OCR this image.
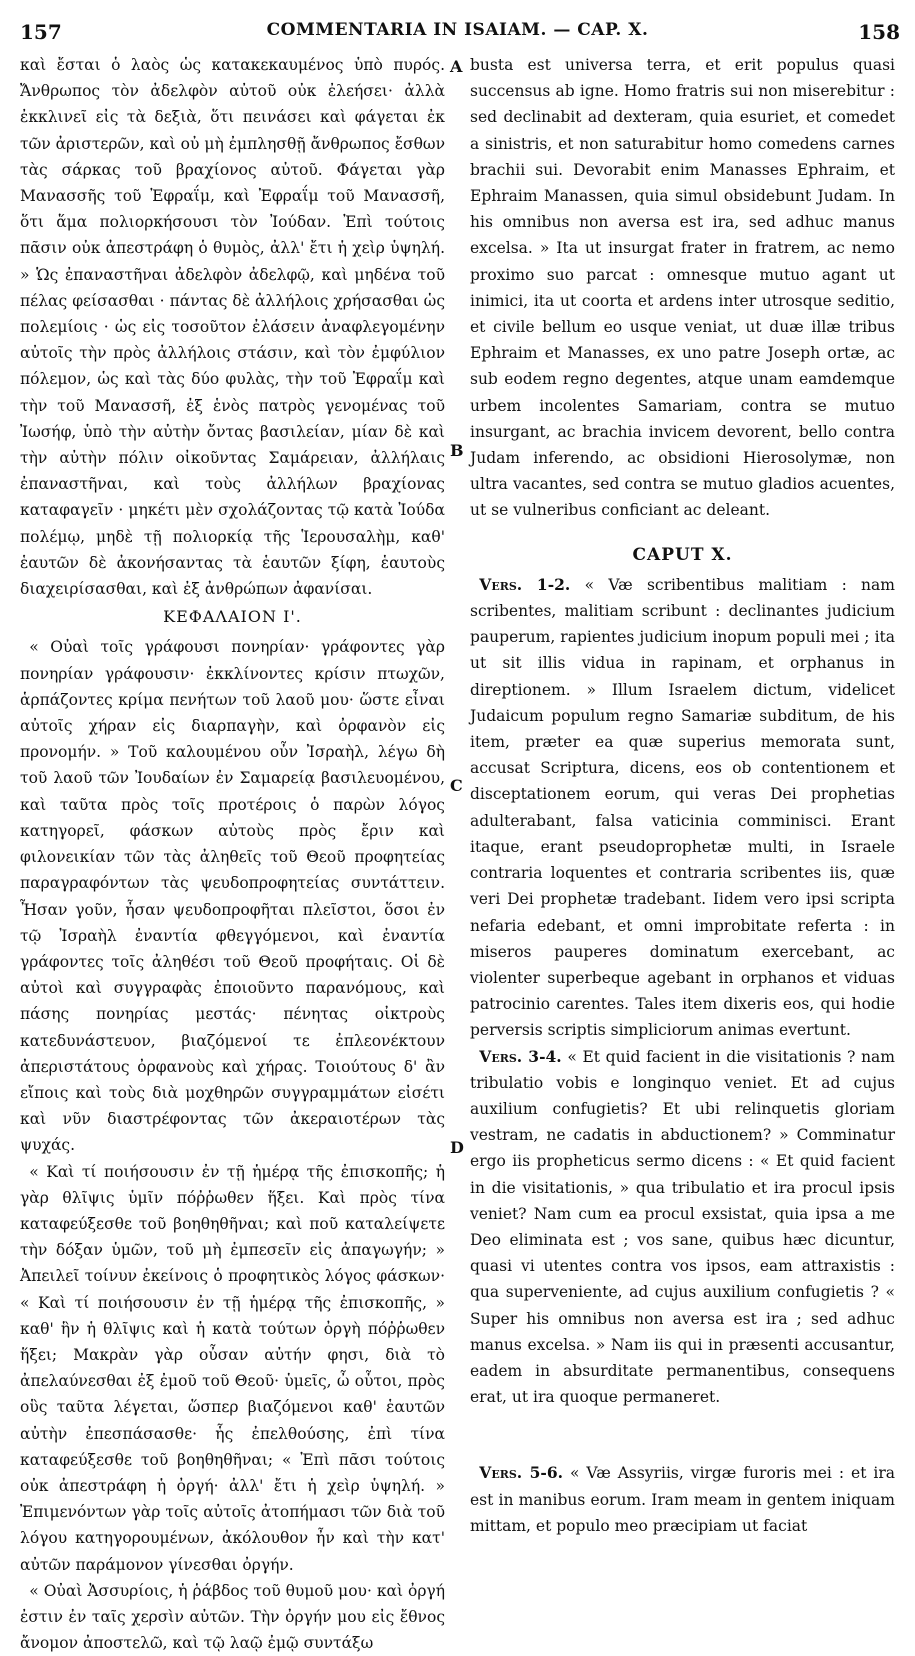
157	COMMENTARIA IN ISAIAM. — CAP. X.	158
A
B
C
D

καὶ ἔσται ὁ λαὸς ὡς κατακεκαυμένος ὑπὸ πυρός. Ἄνθρωπος τὸν ἀδελφὸν αὐτοῦ οὐκ ἐλεήσει· ἀλλὰ ἐκκλινεῖ εἰς τὰ δεξιὰ, ὅτι πεινάσει καὶ φάγεται ἐκ τῶν ἀριστερῶν, καὶ οὐ μὴ ἐμπλησθῇ ἄνθρωπος ἔσθων τὰς σάρκας τοῦ βραχίονος αὐτοῦ. Φάγεται γὰρ Μανασσῆς τοῦ Ἐφραΐμ, καὶ Ἐφραΐμ τοῦ Μανασσῆ, ὅτι ἅμα πολιορκήσουσι τὸν Ἰούδαν. Ἐπὶ τούτοις πᾶσιν οὐκ ἀπεστράφη ὁ θυμὸς, ἀλλ' ἔτι ἡ χεὶρ ὑψηλή. » Ὡς ἐπαναστῆναι ἀδελφὸν ἀδελφῷ, καὶ μηδένα τοῦ πέλας φείσασθαι · πάντας δὲ ἀλλήλοις χρήσασθαι ὡς πολεμίοις · ὡς εἰς τοσοῦτον ἐλάσειν ἀναφλεγομένην αὐτοῖς τὴν πρὸς ἀλλήλοις στάσιν, καὶ τὸν ἐμφύλιον πόλεμον, ὡς καὶ τὰς δύο φυλὰς, τὴν τοῦ Ἐφραΐμ καὶ τὴν τοῦ Μανασσῆ, ἐξ ἑνὸς πατρὸς γενομένας τοῦ Ἰωσήφ, ὑπὸ τὴν αὐτὴν ὄντας βασιλείαν, μίαν δὲ καὶ τὴν αὐτὴν πόλιν οἰκοῦντας Σαμάρειαν, ἀλλήλαις ἐπαναστῆναι, καὶ τοὺς ἀλλήλων βραχίονας καταφαγεῖν · μηκέτι μὲν σχολάζοντας τῷ κατὰ Ἰούδα πολέμῳ, μηδὲ τῇ πολιορκίᾳ τῆς Ἱερουσαλὴμ, καθ' ἑαυτῶν δὲ ἀκονήσαντας τὰ ἑαυτῶν ξίφη, ἑαυτοὺς διαχειρίσασθαι, καὶ ἐξ ἀνθρώπων ἀφανίσαι.

ΚΕΦΑΛΑΙΟΝ Ι'.

« Οὐαὶ τοῖς γράφουσι πονηρίαν· γράφοντες γὰρ πονηρίαν γράφουσιν· ἐκκλίνοντες κρίσιν πτωχῶν, ἁρπάζοντες κρίμα πενήτων τοῦ λαοῦ μου· ὥστε εἶναι αὐτοῖς χήραν εἰς διαρπαγὴν, καὶ ὀρφανὸν εἰς προνομήν. » Τοῦ καλουμένου οὖν Ἰσραὴλ, λέγω δὴ τοῦ λαοῦ τῶν Ἰουδαίων ἐν Σαμαρείᾳ βασιλευομένου, καὶ ταῦτα πρὸς τοῖς προτέροις ὁ παρὼν λόγος κατηγορεῖ, φάσκων αὐτοὺς πρὸς ἔριν καὶ φιλονεικίαν τῶν τὰς ἀληθεῖς τοῦ Θεοῦ προφητείας παραγραφόντων τὰς ψευδοπροφητείας συντάττειν. Ἦσαν γοῦν, ἦσαν ψευδοπροφῆται πλεῖστοι, ὅσοι ἐν τῷ Ἰσραὴλ ἐναντία φθεγγόμενοι, καὶ ἐναντία γράφοντες τοῖς ἀληθέσι τοῦ Θεοῦ προφήταις. Οἱ δὲ αὐτοὶ καὶ συγγραφὰς ἐποιοῦντο παρανόμους, καὶ πάσης πονηρίας μεστάς· πένητας οἰκτροὺς κατεδυνάστευον, βιαζόμενοί τε ἐπλεονέκτουν ἀπεριστάτους ὀρφανοὺς καὶ χήρας. Τοιούτους δ' ἂν εἴποις καὶ τοὺς διὰ μοχθηρῶν συγγραμμάτων εἰσέτι καὶ νῦν διαστρέφοντας τῶν ἀκεραιοτέρων τὰς ψυχάς.

« Καὶ τί ποιήσουσιν ἐν τῇ ἡμέρᾳ τῆς ἐπισκοπῆς; ἡ γὰρ θλῖψις ὑμῖν πόῤῥωθεν ἥξει. Καὶ πρὸς τίνα καταφεύξεσθε τοῦ βοηθηθῆναι; καὶ ποῦ καταλείψετε τὴν δόξαν ὑμῶν, τοῦ μὴ ἐμπεσεῖν εἰς ἀπαγωγήν; » Ἀπειλεῖ τοίνυν ἐκείνοις ὁ προφητικὸς λόγος φάσκων· « Καὶ τί ποιήσουσιν ἐν τῇ ἡμέρᾳ τῆς ἐπισκοπῆς, » καθ' ἣν ἡ θλῖψις καὶ ἡ κατὰ τούτων ὀργὴ πόῤῥωθεν ἥξει; Μακρὰν γὰρ οὖσαν αὐτήν φησι, διὰ τὸ ἀπελαύνεσθαι ἐξ ἐμοῦ τοῦ Θεοῦ· ὑμεῖς, ὦ οὗτοι, πρὸς οὓς ταῦτα λέγεται, ὥσπερ βιαζόμενοι καθ' ἑαυτῶν αὐτὴν ἐπεσπάσασθε· ἧς ἐπελθούσης, ἐπὶ τίνα καταφεύξεσθε τοῦ βοηθηθῆναι; « Ἐπὶ πᾶσι τούτοις οὐκ ἀπεστράφη ἡ ὀργή· ἀλλ' ἔτι ἡ χεὶρ ὑψηλή. » Ἐπιμενόντων γὰρ τοῖς αὐτοῖς ἀτοπήμασι τῶν διὰ τοῦ λόγου κατηγορουμένων, ἀκόλουθον ἦν καὶ τὴν κατ' αὐτῶν παράμονον γίνεσθαι ὀργήν.

« Οὐαὶ Ἀσσυρίοις, ἡ ῥάβδος τοῦ θυμοῦ μου· καὶ ὀργή ἐστιν ἐν ταῖς χερσὶν αὐτῶν. Τὴν ὀργήν μου εἰς ἔθνος ἄνομον ἀποστελῶ, καὶ τῷ λαῷ ἐμῷ συντάξω

busta est universa terra, et erit populus quasi succensus ab igne. Homo fratris sui non miserebitur : sed declinabit ad dexteram, quia esuriet, et comedet a sinistris, et non saturabitur homo comedens carnes brachii sui. Devorabit enim Manasses Ephraim, et Ephraim Manassen, quia simul obsidebunt Judam. In his omnibus non aversa est ira, sed adhuc manus excelsa. » Ita ut insurgat frater in fratrem, ac nemo proximo suo parcat : omnesque mutuo agant ut inimici, ita ut coorta et ardens inter utrosque seditio, et civile bellum eo usque veniat, ut duæ illæ tribus Ephraim et Manasses, ex uno patre Joseph ortæ, ac sub eodem regno degentes, atque unam eamdemque urbem incolentes Samariam, contra se mutuo insurgant, ac brachia invicem devorent, bello contra Judam inferendo, ac obsidioni Hierosolymæ, non ultra vacantes, sed contra se mutuo gladios acuentes, ut se vulneribus conficiant ac deleant.

CAPUT X.

Vers. 1-2. « Væ scribentibus malitiam : nam scribentes, malitiam scribunt : declinantes judicium pauperum, rapientes judicium inopum populi mei ; ita ut sit illis vidua in rapinam, et orphanus in direptionem. » Illum Israelem dictum, videlicet Judaicum populum regno Samariæ subditum, de his item, præter ea quæ superius memorata sunt, accusat Scriptura, dicens, eos ob contentionem et disceptationem eorum, qui veras Dei prophetias adulterabant, falsa vaticinia comminisci. Erant itaque, erant pseudoprophetæ multi, in Israele contraria loquentes et contraria scribentes iis, quæ veri Dei prophetæ tradebant. Iidem vero ipsi scripta nefaria edebant, et omni improbitate referta : in miseros pauperes dominatum exercebant, ac violenter superbeque agebant in orphanos et viduas patrocinio carentes. Tales item dixeris eos, qui hodie perversis scriptis simpliciorum animas evertunt.

Vers. 3-4. « Et quid facient in die visitationis ? nam tribulatio vobis e longinquo veniet. Et ad cujus auxilium confugietis? Et ubi relinquetis gloriam vestram, ne cadatis in abductionem? » Comminatur ergo iis propheticus sermo dicens : « Et quid facient in die visitationis, » qua tribulatio et ira procul ipsis veniet? Nam cum ea procul exsistat, quia ipsa a me Deo eliminata est ; vos sane, quibus hæc dicuntur, quasi vi utentes contra vos ipsos, eam attraxistis : qua superveniente, ad cujus auxilium confugietis ? « Super his omnibus non aversa est ira ; sed adhuc manus excelsa. » Nam iis qui in præsenti accusantur, eadem in absurditate permanentibus, consequens erat, ut ira quoque permaneret.

Vers. 5-6. « Væ Assyriis, virgæ furoris mei : et ira est in manibus eorum. Iram meam in gentem iniquam mittam, et populo meo præcipiam ut faciat
